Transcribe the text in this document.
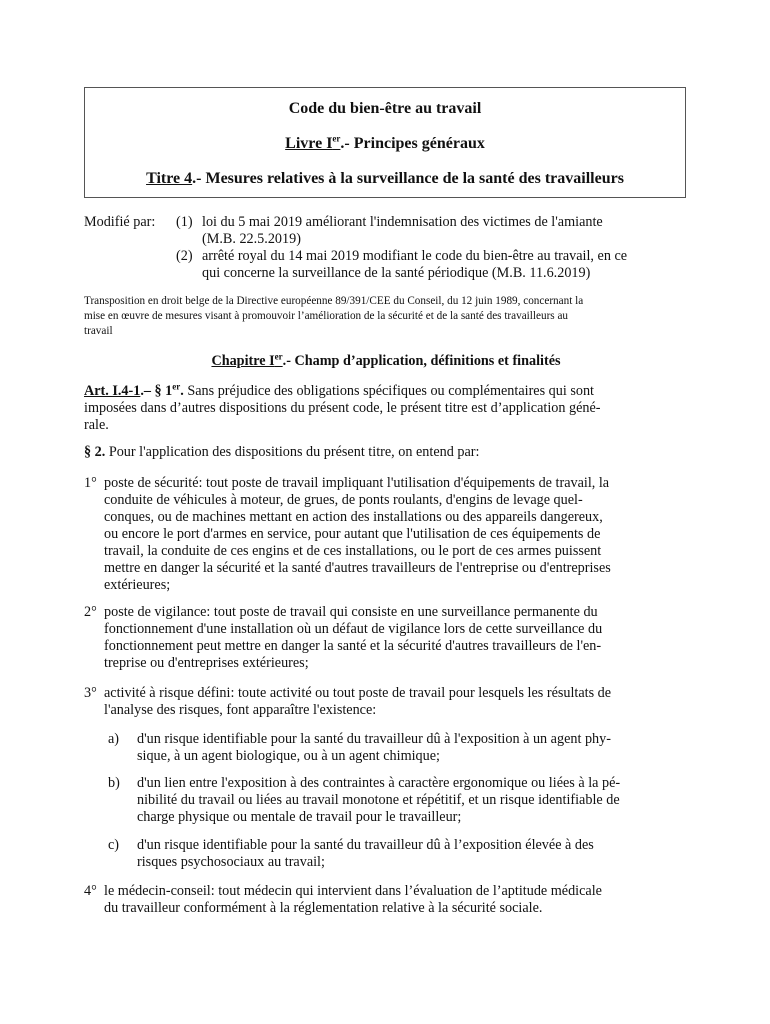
Code du bien-être au travail
Livre Ier.- Principes généraux
Titre 4.- Mesures relatives à la surveillance de la santé des travailleurs
Modifié par: (1) loi du 5 mai 2019 améliorant l'indemnisation des victimes de l'amiante
(M.B. 22.5.2019)
(2) arrêté royal du 14 mai 2019 modifiant le code du bien-être au travail, en ce
qui concerne la surveillance de la santé périodique (M.B. 11.6.2019)
Transposition en droit belge de la Directive européenne 89/391/CEE du Conseil, du 12 juin 1989, concernant la
mise en œuvre de mesures visant à promouvoir l’amélioration de la sécurité et de la santé des travailleurs au
travail
Chapitre Ier.- Champ d’application, définitions et finalités
Art. I.4-1.– § 1er. Sans préjudice des obligations spécifiques ou complémentaires qui sont
imposées dans d’autres dispositions du présent code, le présent titre est d’application géné-
rale.
§ 2. Pour l'application des dispositions du présent titre, on entend par:
1° poste de sécurité: tout poste de travail impliquant l'utilisation d'équipements de travail, la
conduite de véhicules à moteur, de grues, de ponts roulants, d'engins de levage quel-
conques, ou de machines mettant en action des installations ou des appareils dangereux,
ou encore le port d'armes en service, pour autant que l'utilisation de ces équipements de
travail, la conduite de ces engins et de ces installations, ou le port de ces armes puissent
mettre en danger la sécurité et la santé d'autres travailleurs de l'entreprise ou d'entreprises
extérieures;
2° poste de vigilance: tout poste de travail qui consiste en une surveillance permanente du
fonctionnement d'une installation où un défaut de vigilance lors de cette surveillance du
fonctionnement peut mettre en danger la santé et la sécurité d'autres travailleurs de l'en-
treprise ou d'entreprises extérieures;
3° activité à risque défini: toute activité ou tout poste de travail pour lesquels les résultats de
l'analyse des risques, font apparaître l'existence:
a) d'un risque identifiable pour la santé du travailleur dû à l'exposition à un agent phy-
sique, à un agent biologique, ou à un agent chimique;
b) d'un lien entre l'exposition à des contraintes à caractère ergonomique ou liées à la pé-
nibilité du travail ou liées au travail monotone et répétitif, et un risque identifiable de
charge physique ou mentale de travail pour le travailleur;
c) d'un risque identifiable pour la santé du travailleur dû à l’exposition élevée à des
risques psychosociaux au travail;
4° le médecin-conseil: tout médecin qui intervient dans l’évaluation de l’aptitude médicale
du travailleur conformément à la réglementation relative à la sécurité sociale.
